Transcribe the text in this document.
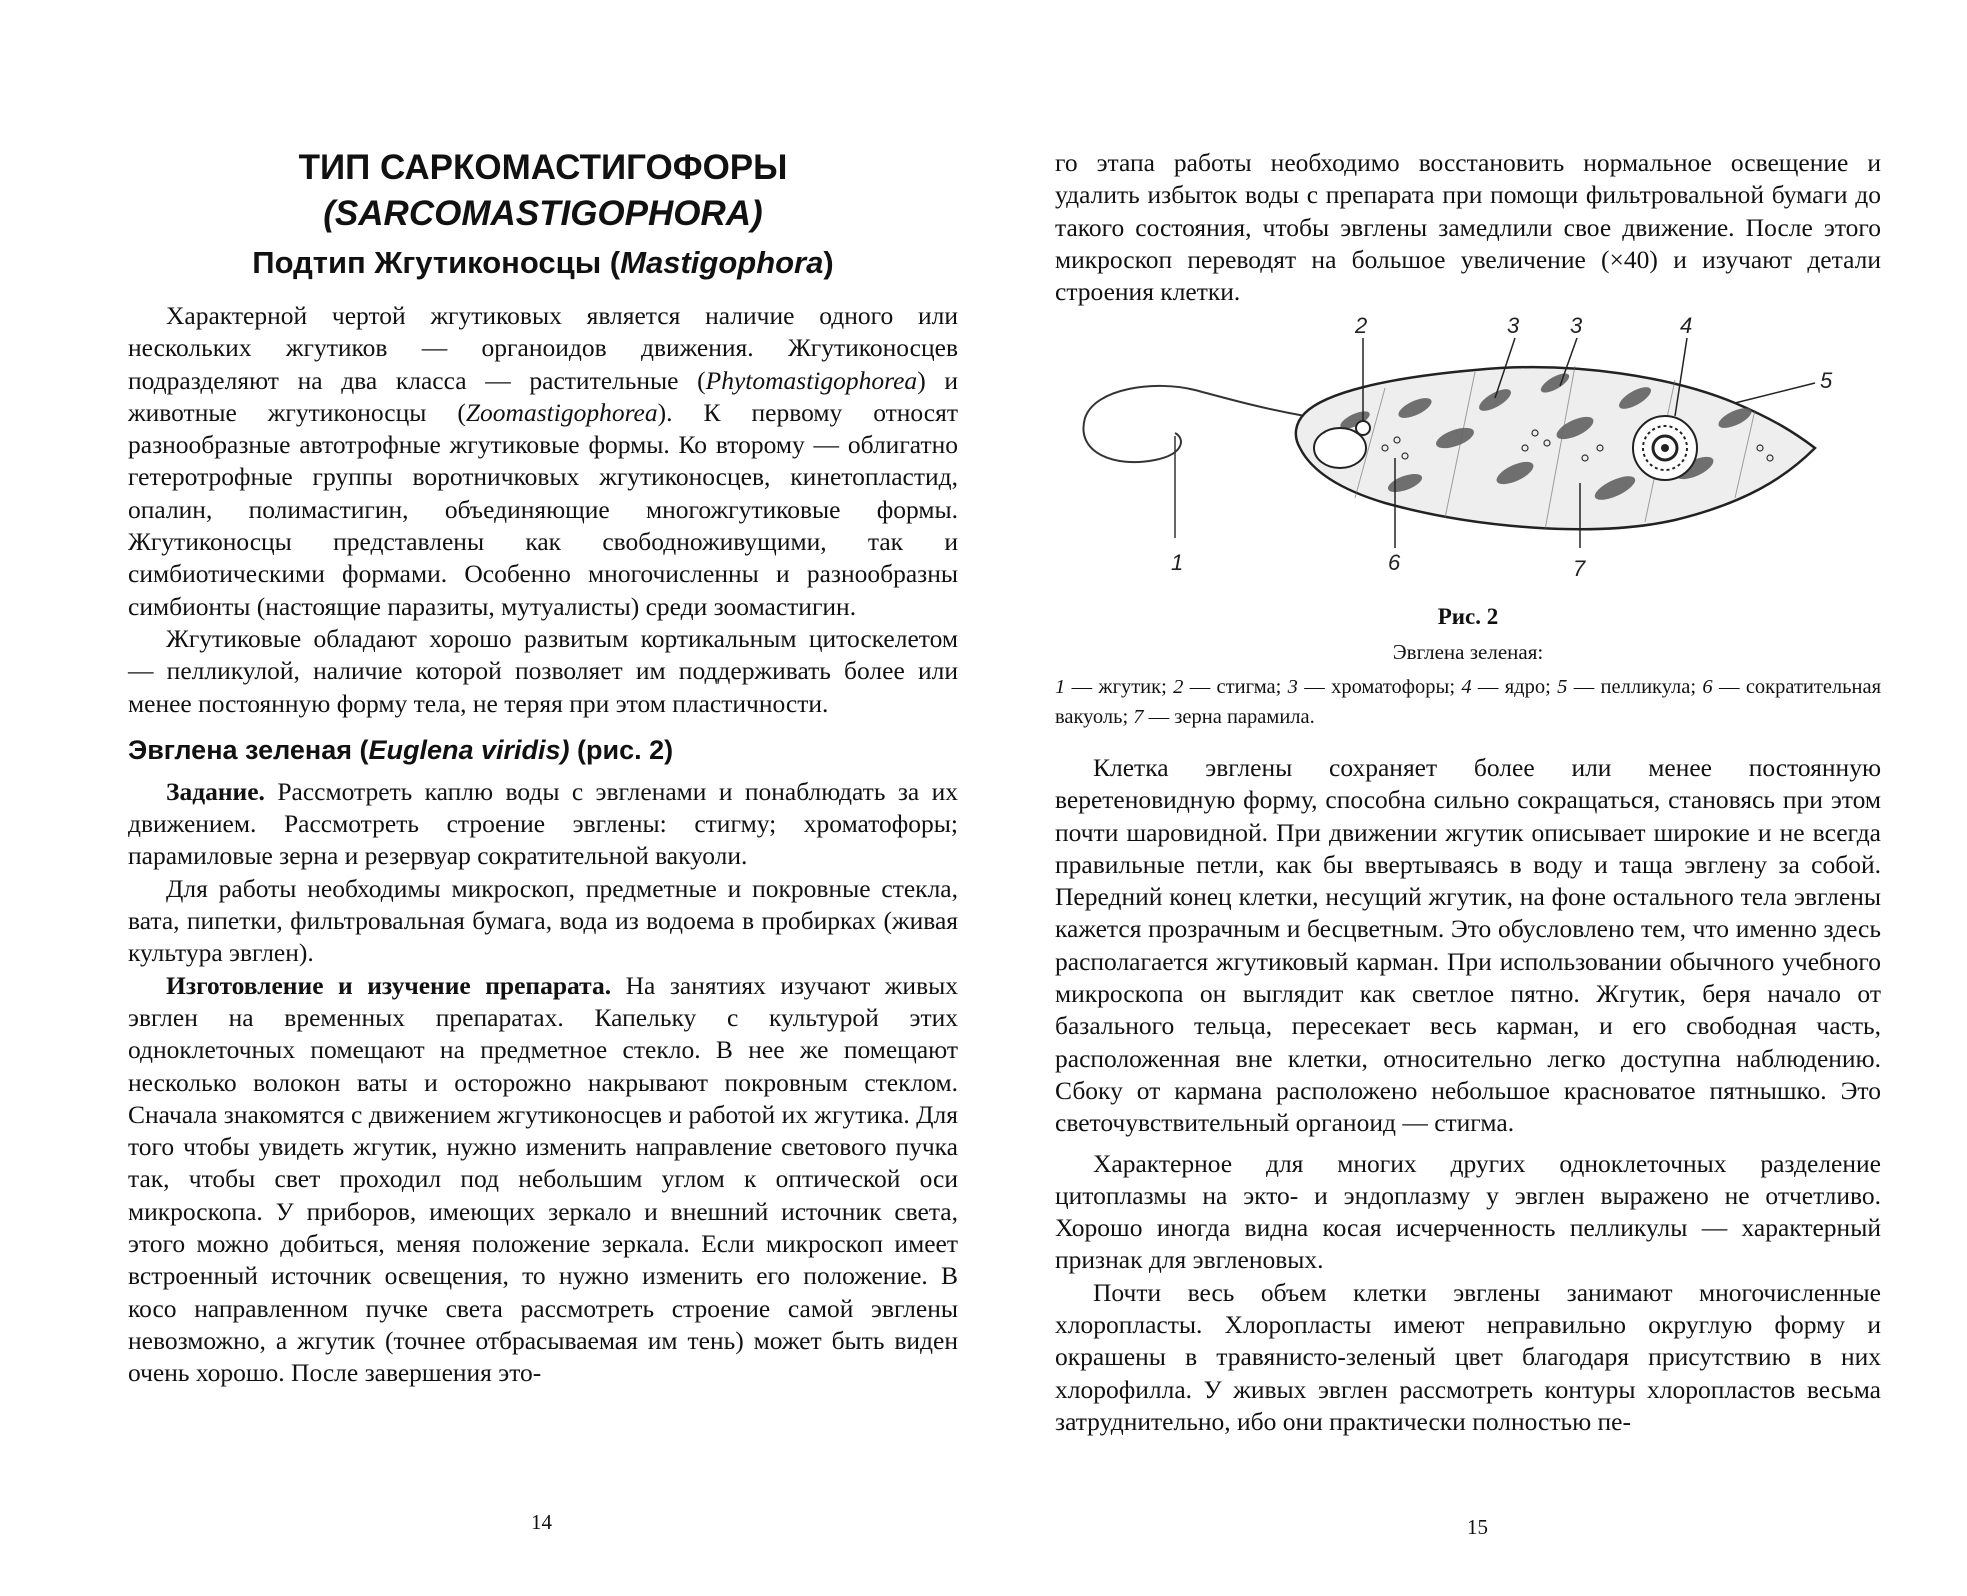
ТИП САРКОМАСТИГОФОРЫ

(SARCOMASTIGOPHORA)

Подтип Жгутиконосцы (Mastigophora)

Характерной чертой жгутиковых является наличие одного или нескольких жгутиков — органоидов движения. Жгутиконосцев подразделяют на два класса — растительные (Phytomastigophorea) и животные жгутиконосцы (Zoomastigophorea). К первому относят разнообразные автотрофные жгутиковые формы. Ко второму — облигатно гетеротрофные группы воротничковых жгутиконосцев, кинетопластид, опалин, полимастигин, объединяющие многожгутиковые формы. Жгутиконосцы представлены как свободноживущими, так и симбиотическими формами. Особенно многочисленны и разнообразны симбионты (настоящие паразиты, мутуалисты) среди зоомастигин.

Жгутиковые обладают хорошо развитым кортикальным цитоскелетом — пелликулой, наличие которой позволяет им поддерживать более или менее постоянную форму тела, не теряя при этом пластичности.

Эвглена зеленая (Euglena viridis) (рис. 2)

Задание. Рассмотреть каплю воды с эвгленами и понаблюдать за их движением. Рассмотреть строение эвглены: стигму; хроматофоры; парамиловые зерна и резервуар сократительной вакуоли.

Для работы необходимы микроскоп, предметные и покровные стекла, вата, пипетки, фильтровальная бумага, вода из водоема в пробирках (живая культура эвглен).

Изготовление и изучение препарата. На занятиях изучают живых эвглен на временных препаратах. Капельку с культурой этих одноклеточных помещают на предметное стекло. В нее же помещают несколько волокон ваты и осторожно накрывают покровным стеклом. Сначала знакомятся с движением жгутиконосцев и работой их жгутика. Для того чтобы увидеть жгутик, нужно изменить направление светового пучка так, чтобы свет проходил под небольшим углом к оптической оси микроскопа. У приборов, имеющих зеркало и внешний источник света, этого можно добиться, меняя положение зеркала. Если микроскоп имеет встроенный источник освещения, то нужно изменить его положение. В косо направленном пучке света рассмотреть строение самой эвглены невозможно, а жгутик (точнее отбрасываемая им тень) может быть виден очень хорошо. После завершения это-

14

го этапа работы необходимо восстановить нормальное освещение и удалить избыток воды с препарата при помощи фильтровальной бумаги до такого состояния, чтобы эвглены замедлили свое движение. После этого микроскоп переводят на большое увеличение (×40) и изучают детали строения клетки.

2	3 3	4
5
1	6	7

Рис. 2

Эвглена зеленая:

1 — жгутик; 2 — стигма; 3 — хроматофоры; 4 — ядро; 5 — пелликула; 6 — сократительная вакуоль; 7 — зерна парамила.

Клетка эвглены сохраняет более или менее постоянную веретеновидную форму, способна сильно сокращаться, становясь при этом почти шаровидной. При движении жгутик описывает широкие и не всегда правильные петли, как бы ввертываясь в воду и таща эвглену за собой. Передний конец клетки, несущий жгутик, на фоне остального тела эвглены кажется прозрачным и бесцветным. Это обусловлено тем, что именно здесь располагается жгутиковый карман. При использовании обычного учебного микроскопа он выглядит как светлое пятно. Жгутик, беря начало от базального тельца, пересекает весь карман, и его свободная часть, расположенная вне клетки, относительно легко доступна наблюдению. Сбоку от кармана расположено небольшое красноватое пятнышко. Это светочувствительный органоид — стигма.

Характерное для многих других одноклеточных разделение цитоплазмы на экто- и эндоплазму у эвглен выражено не отчетливо. Хорошо иногда видна косая исчерченность пелликулы — характерный признак для эвгленовых.

Почти весь объем клетки эвглены занимают многочисленные хлоропласты. Хлоропласты имеют неправильно округлую форму и окрашены в травянисто-зеленый цвет благодаря присутствию в них хлорофилла. У живых эвглен рассмотреть контуры хлоропластов весьма затруднительно, ибо они практически полностью пе-

15
